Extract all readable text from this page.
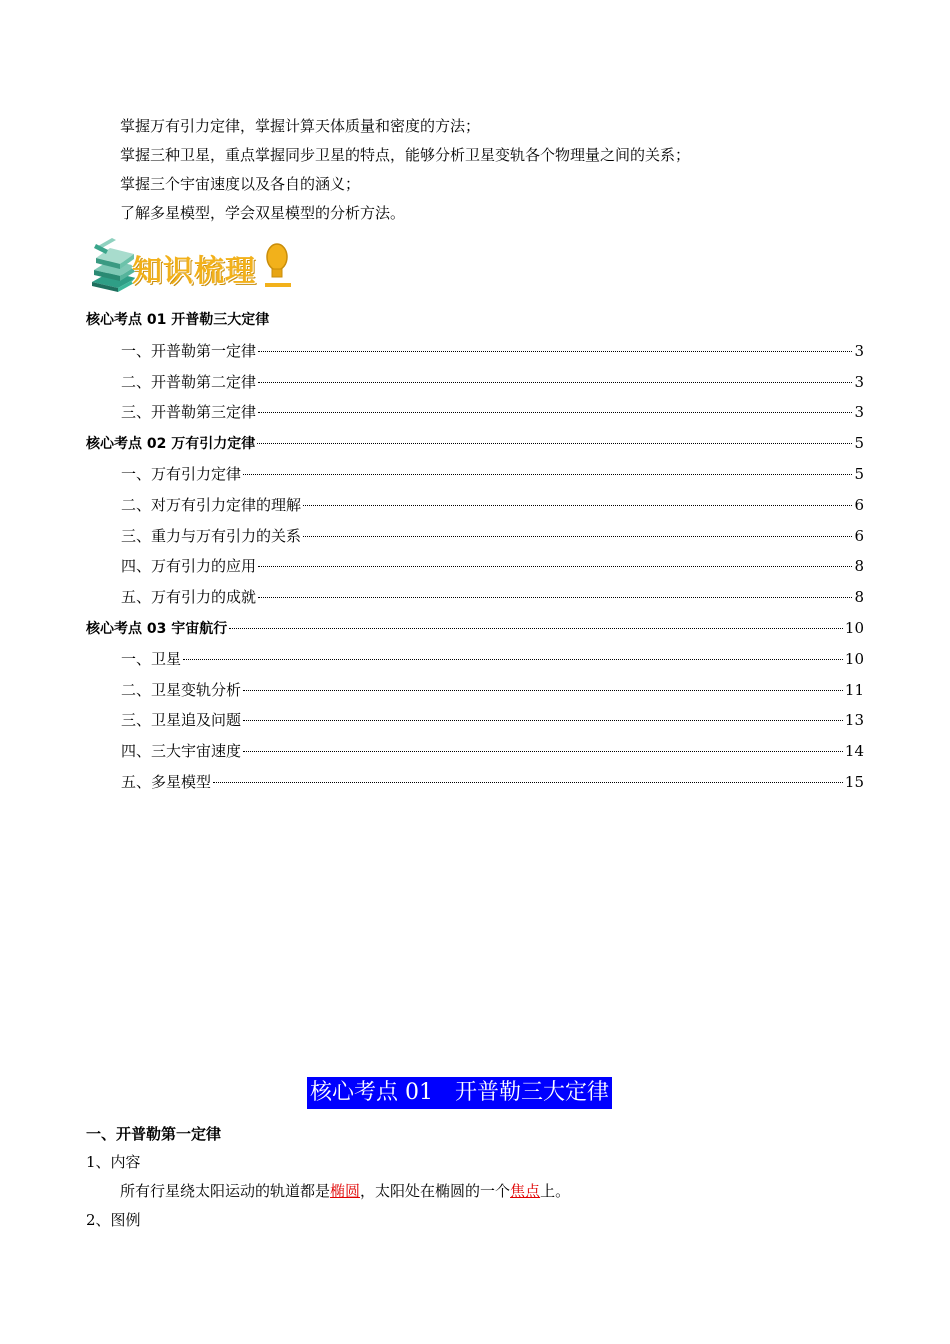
掌握万有引力定律，掌握计算天体质量和密度的方法；
掌握三种卫星，重点掌握同步卫星的特点，能够分析卫星变轨各个物理量之间的关系；
掌握三个宇宙速度以及各自的涵义；
了解多星模型，学会双星模型的分析方法。
知识梳理
核心考点 01 开普勒三大定律
一、开普勒第一定律	3
二、开普勒第二定律	3
三、开普勒第三定律	3
核心考点 02 万有引力定律	5
一、万有引力定律	5
二、对万有引力定律的理解	6
三、重力与万有引力的关系	6
四、万有引力的应用	8
五、万有引力的成就	8
核心考点 03 宇宙航行	10
一、卫星	10
二、卫星变轨分析	11
三、卫星追及问题	13
四、三大宇宙速度	14
五、多星模型	15
核心考点 01　开普勒三大定律
一、开普勒第一定律
1、内容
所有行星绕太阳运动的轨道都是椭圆，太阳处在椭圆的一个焦点上。
2、图例
